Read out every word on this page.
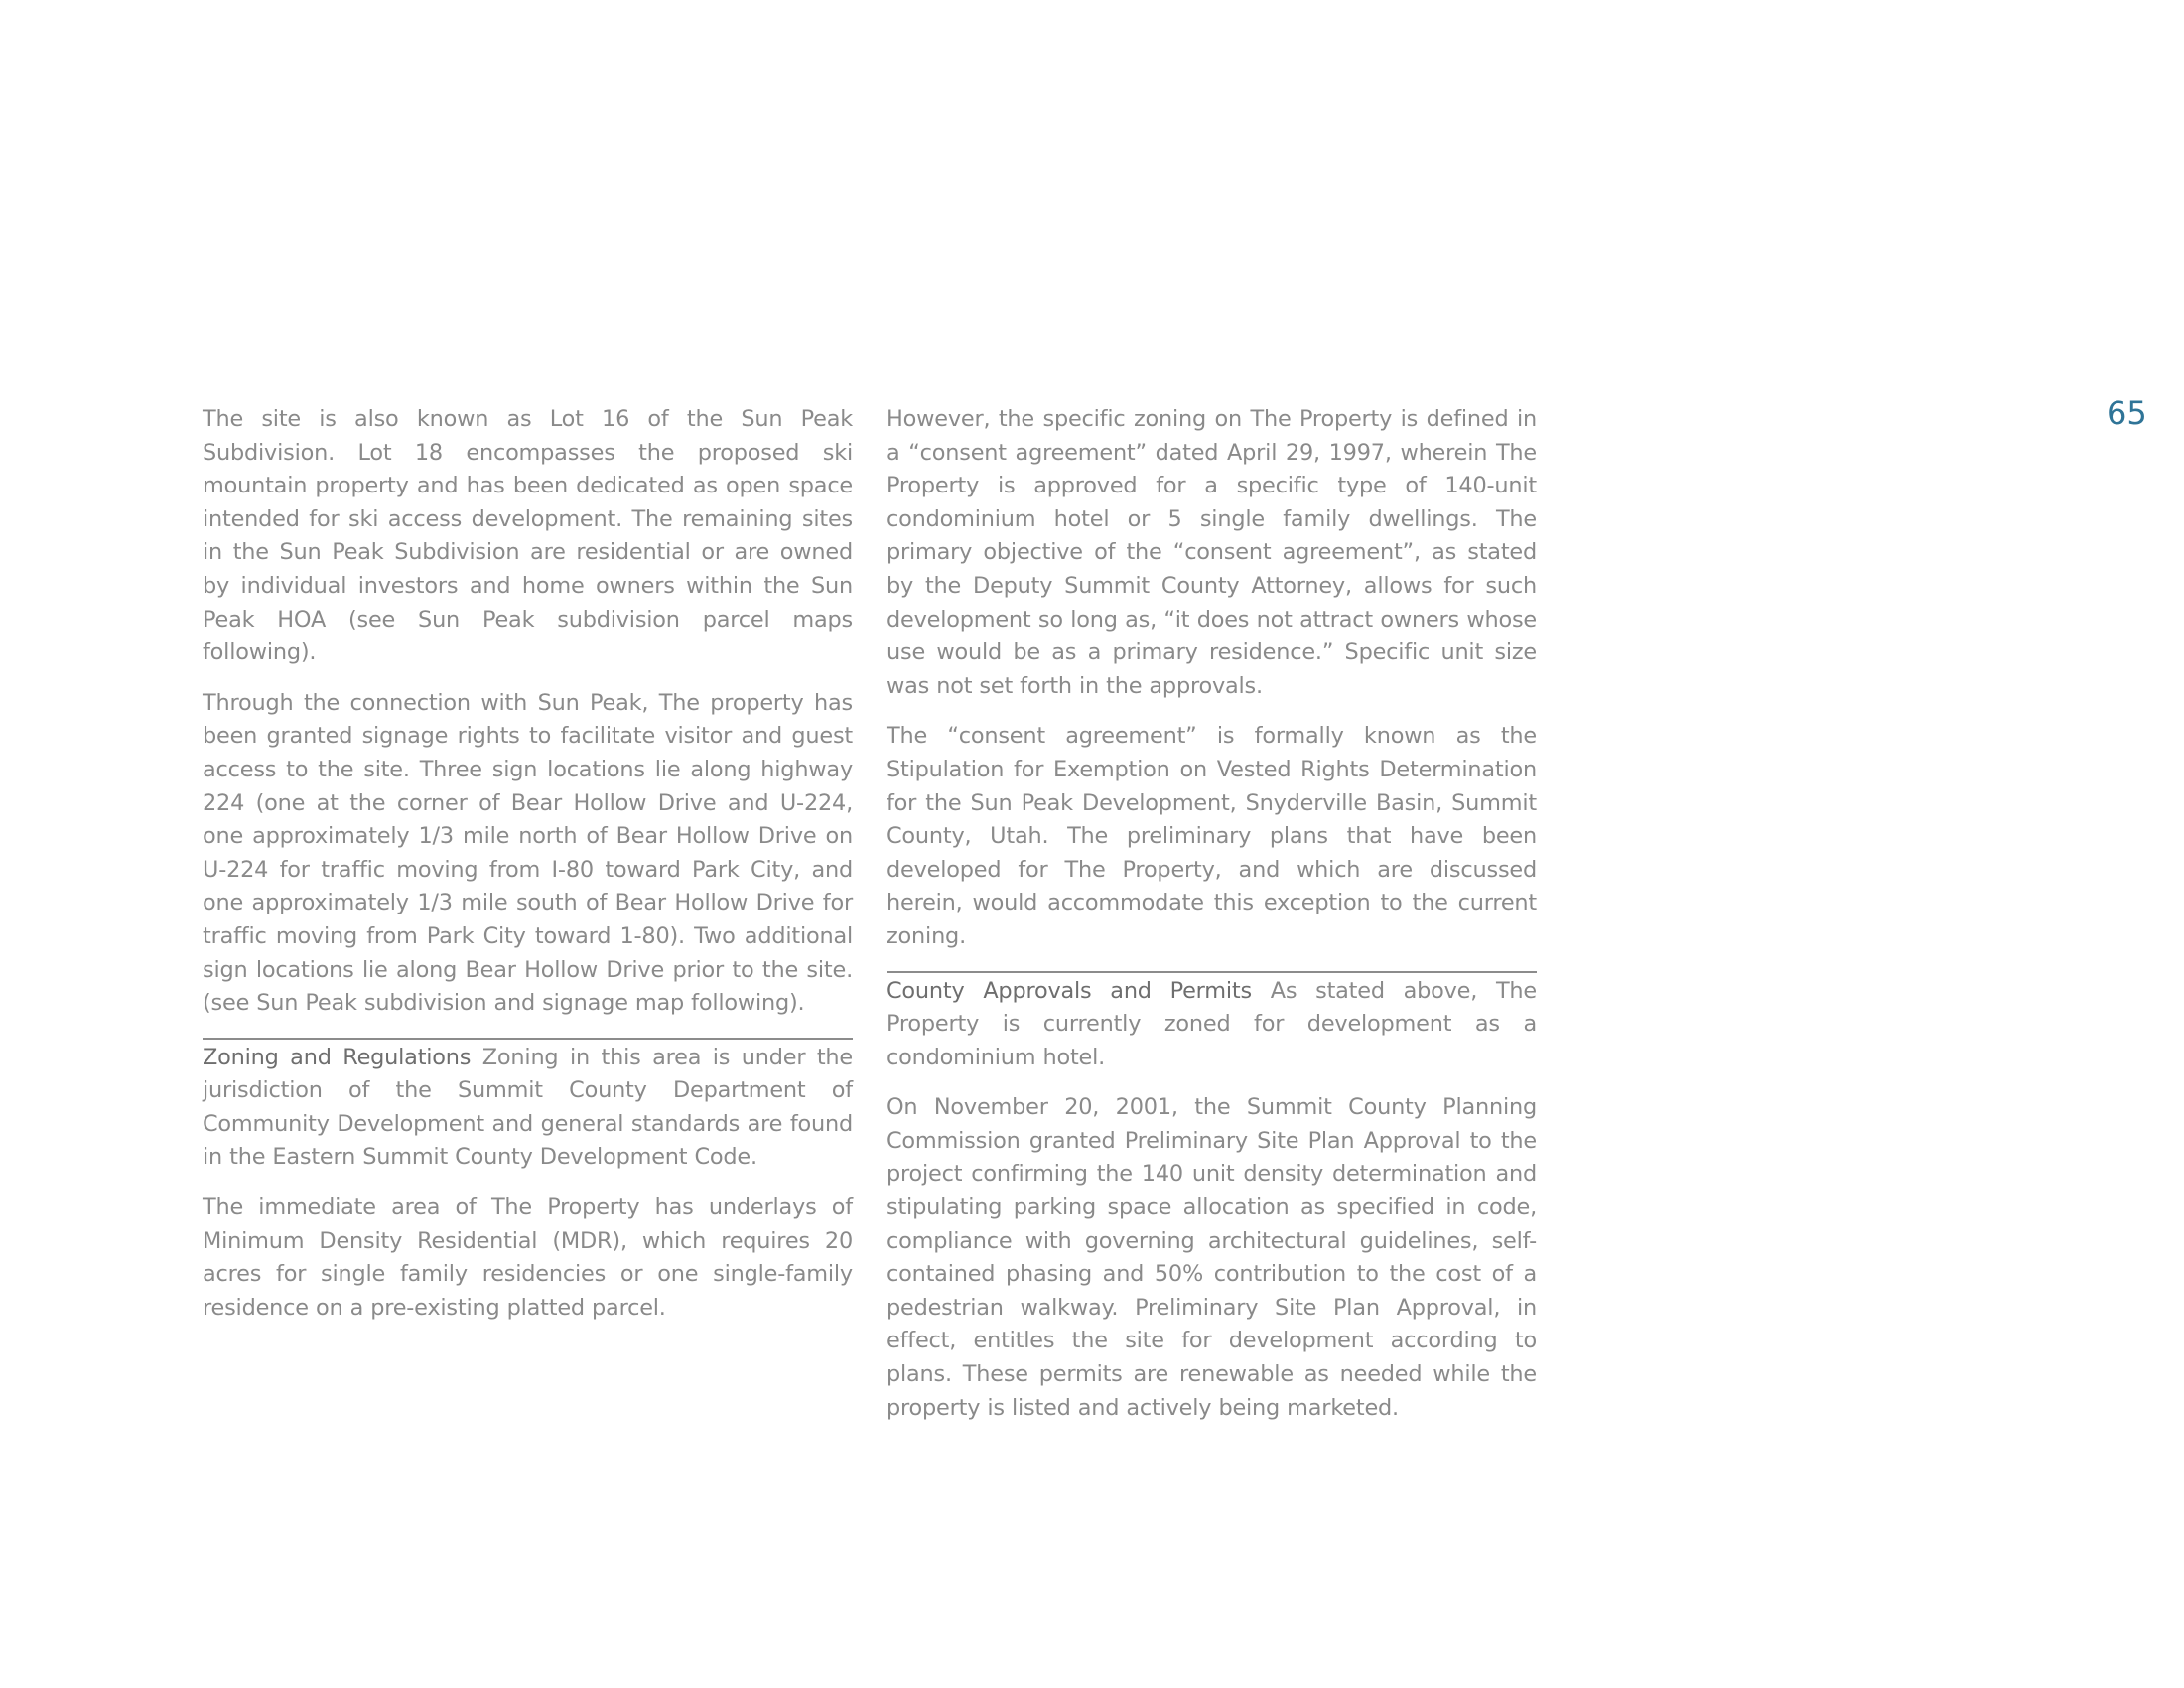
65

The site is also known as Lot 16 of the Sun Peak Subdivision. Lot 18 encompasses the proposed ski mountain property and has been dedicated as open space intended for ski access development. The remaining sites in the Sun Peak Subdivision are residential or are owned by individual investors and home owners within the Sun Peak HOA (see Sun Peak subdivision parcel maps following).

Through the connection with Sun Peak, The property has been granted signage rights to facilitate visitor and guest access to the site. Three sign locations lie along highway 224 (one at the corner of Bear Hollow Drive and U-224, one approximately 1/3 mile north of Bear Hollow Drive on U-224 for traffic moving from I-80 toward Park City, and one approximately 1/3 mile south of Bear Hollow Drive for traffic moving from Park City toward 1-80). Two additional sign locations lie along Bear Hollow Drive prior to the site. (see Sun Peak subdivision and signage map following).

Zoning and Regulations Zoning in this area is under the jurisdiction of the Summit County Department of Community Development and general standards are found in the Eastern Summit County Development Code.

The immediate area of The Property has underlays of Minimum Density Residential (MDR), which requires 20 acres for single family residencies or one single-family residence on a pre-existing platted parcel.

However, the specific zoning on The Property is defined in a “consent agreement” dated April 29, 1997, wherein The Property is approved for a specific type of 140-unit condominium hotel or 5 single family dwellings. The primary objective of the “consent agreement”, as stated by the Deputy Summit County Attorney, allows for such development so long as, “it does not attract owners whose use would be as a primary residence.” Specific unit size was not set forth in the approvals.

The “consent agreement” is formally known as the Stipulation for Exemption on Vested Rights Determination for the Sun Peak Development, Snyderville Basin, Summit County, Utah. The preliminary plans that have been developed for The Property, and which are discussed herein, would accommodate this exception to the current zoning.

County Approvals and Permits As stated above, The Property is currently zoned for development as a condominium hotel.

On November 20, 2001, the Summit County Planning Commission granted Preliminary Site Plan Approval to the project confirming the 140 unit density determination and stipulating parking space allocation as specified in code, compliance with governing architectural guidelines, self-contained phasing and 50% contribution to the cost of a pedestrian walkway. Preliminary Site Plan Approval, in effect, entitles the site for development according to plans. These permits are renewable as needed while the property is listed and actively being marketed.
